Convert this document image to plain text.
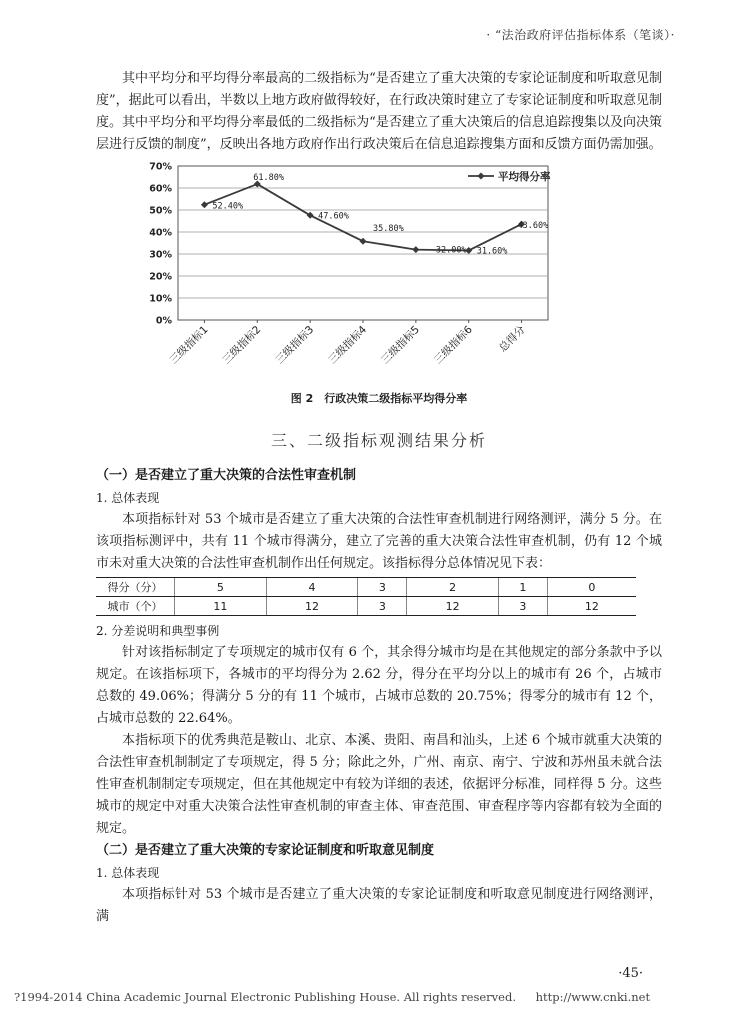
· “法治政府评估指标体系（笔谈）·

其中平均分和平均得分率最高的二级指标为“是否建立了重大决策的专家论证制度和听取意见制度”，据此可以看出，半数以上地方政府做得较好，在行政决策时建立了专家论证制度和听取意见制度。其中平均分和平均得分率最低的二级指标为“是否建立了重大决策后的信息追踪搜集以及向决策层进行反馈的制度”，反映出各地方政府作出行政决策后在信息追踪搜集方面和反馈方面仍需加强。

0%
10%
20%
30%
40%
50%
60%
70%
三级指标1 三级指标2 三级指标3 三级指标4 三级指标5 三级指标6 总得分
52.40%
61.80%
47.60%
35.80%
32.00% 31.60%
43.60%
平均得分率
图 2　行政决策二级指标平均得分率
三、二级指标观测结果分析

（一）是否建立了重大决策的合法性审查机制

1. 总体表现

本项指标针对 53 个城市是否建立了重大决策的合法性审查机制进行网络测评，满分 5 分。在该项指标测评中，共有 11 个城市得满分，建立了完善的重大决策合法性审查机制，仍有 12 个城市未对重大决策的合法性审查机制作出任何规定。该指标得分总体情况见下表：

得分（分）	5	4	3	2	1	0
城市（个）	11	12	3	12	3	12

2. 分差说明和典型事例

针对该指标制定了专项规定的城市仅有 6 个，其余得分城市均是在其他规定的部分条款中予以规定。在该指标项下，各城市的平均得分为 2.62 分，得分在平均分以上的城市有 26 个，占城市总数的 49.06%；得满分 5 分的有 11 个城市，占城市总数的 20.75%；得零分的城市有 12 个，占城市总数的 22.64%。

本指标项下的优秀典范是鞍山、北京、本溪、贵阳、南昌和汕头，上述 6 个城市就重大决策的合法性审查机制制定了专项规定，得 5 分；除此之外，广州、南京、南宁、宁波和苏州虽未就合法性审查机制制定专项规定，但在其他规定中有较为详细的表述，依据评分标准，同样得 5 分。这些城市的规定中对重大决策合法性审查机制的审查主体、审查范围、审查程序等内容都有较为全面的规定。

（二）是否建立了重大决策的专家论证制度和听取意见制度

1. 总体表现

本项指标针对 53 个城市是否建立了重大决策的专家论证制度和听取意见制度进行网络测评，满

·45·
?1994-2014 China Academic Journal Electronic Publishing House. All rights reserved. http://www.cnki.net
